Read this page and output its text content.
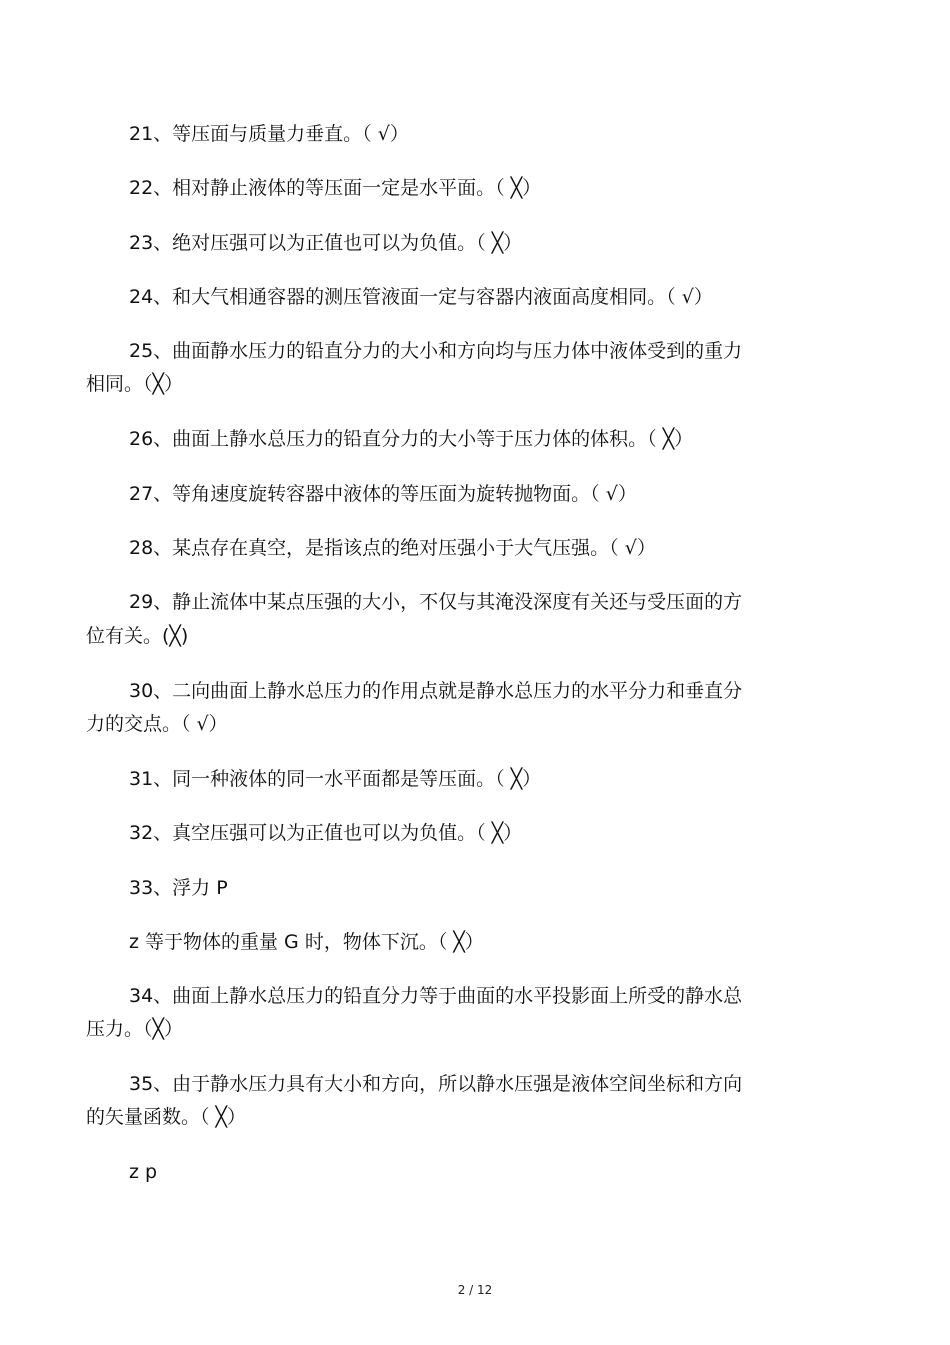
21、等压面与质量力垂直。（ √）
22、相对静止液体的等压面一定是水平面。（ ╳）
23、绝对压强可以为正值也可以为负值。（ ╳）
24、和大气相通容器的测压管液面一定与容器内液面高度相同。（ √）
25、曲面静水压力的铅直分力的大小和方向均与压力体中液体受到的重力
相同。（╳）
26、曲面上静水总压力的铅直分力的大小等于压力体的体积。（ ╳）
27、等角速度旋转容器中液体的等压面为旋转抛物面。（ √）
28、某点存在真空，是指该点的绝对压强小于大气压强。（ √）
29、静止流体中某点压强的大小，不仅与其淹没深度有关还与受压面的方
位有关。(╳)
30、二向曲面上静水总压力的作用点就是静水总压力的水平分力和垂直分
力的交点。（ √）
31、同一种液体的同一水平面都是等压面。（ ╳）
32、真空压强可以为正值也可以为负值。（ ╳）
33、浮力 P
z 等于物体的重量 G 时，物体下沉。（ ╳）
34、曲面上静水总压力的铅直分力等于曲面的水平投影面上所受的静水总
压力。（╳）
35、由于静水压力具有大小和方向，所以静水压强是液体空间坐标和方向
的矢量函数。（ ╳）
z p
2 / 12
